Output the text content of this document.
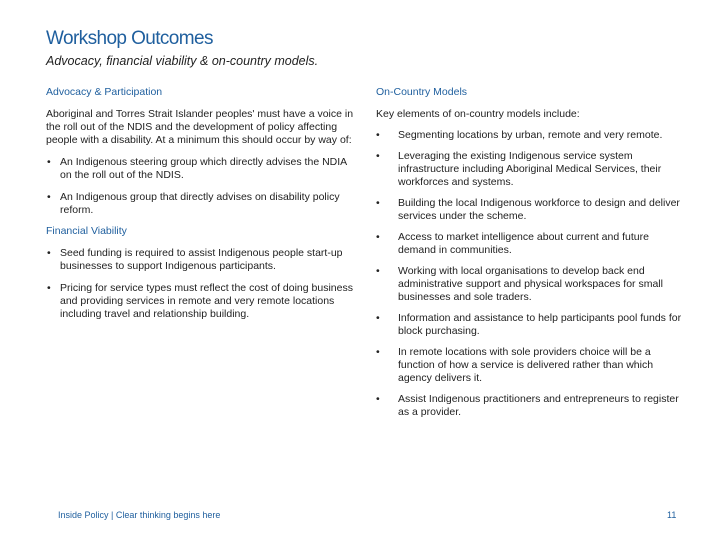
Workshop Outcomes
Advocacy, financial viability & on-country models.

Advocacy & Participation

Aboriginal and Torres Strait Islander peoples' must have a voice in the roll out of the NDIS and the development of policy affecting people with a disability. At a minimum this should occur by way of:

• An Indigenous steering group which directly advises the NDIA on the roll out of the NDIS.
• An Indigenous group that directly advises on disability policy reform.

Financial Viability

• Seed funding is required to assist Indigenous people start-up businesses to support Indigenous participants.
• Pricing for service types must reflect the cost of doing business and providing services in remote and very remote locations including travel and relationship building.

On-Country Models

Key elements of on-country models include:

• Segmenting locations by urban, remote and very remote.
• Leveraging the existing Indigenous service system infrastructure including Aboriginal Medical Services, their workforces and systems.
• Building the local Indigenous workforce to design and deliver services under the scheme.
• Access to market intelligence about current and future demand in communities.
• Working with local organisations to develop back end administrative support and physical workspaces for small businesses and sole traders.
• Information and assistance to help participants pool funds for block purchasing.
• In remote locations with sole providers choice will be a function of how a service is delivered rather than which agency delivers it.
• Assist Indigenous practitioners and entrepreneurs to register as a provider.
Inside Policy | Clear thinking begins here	11
